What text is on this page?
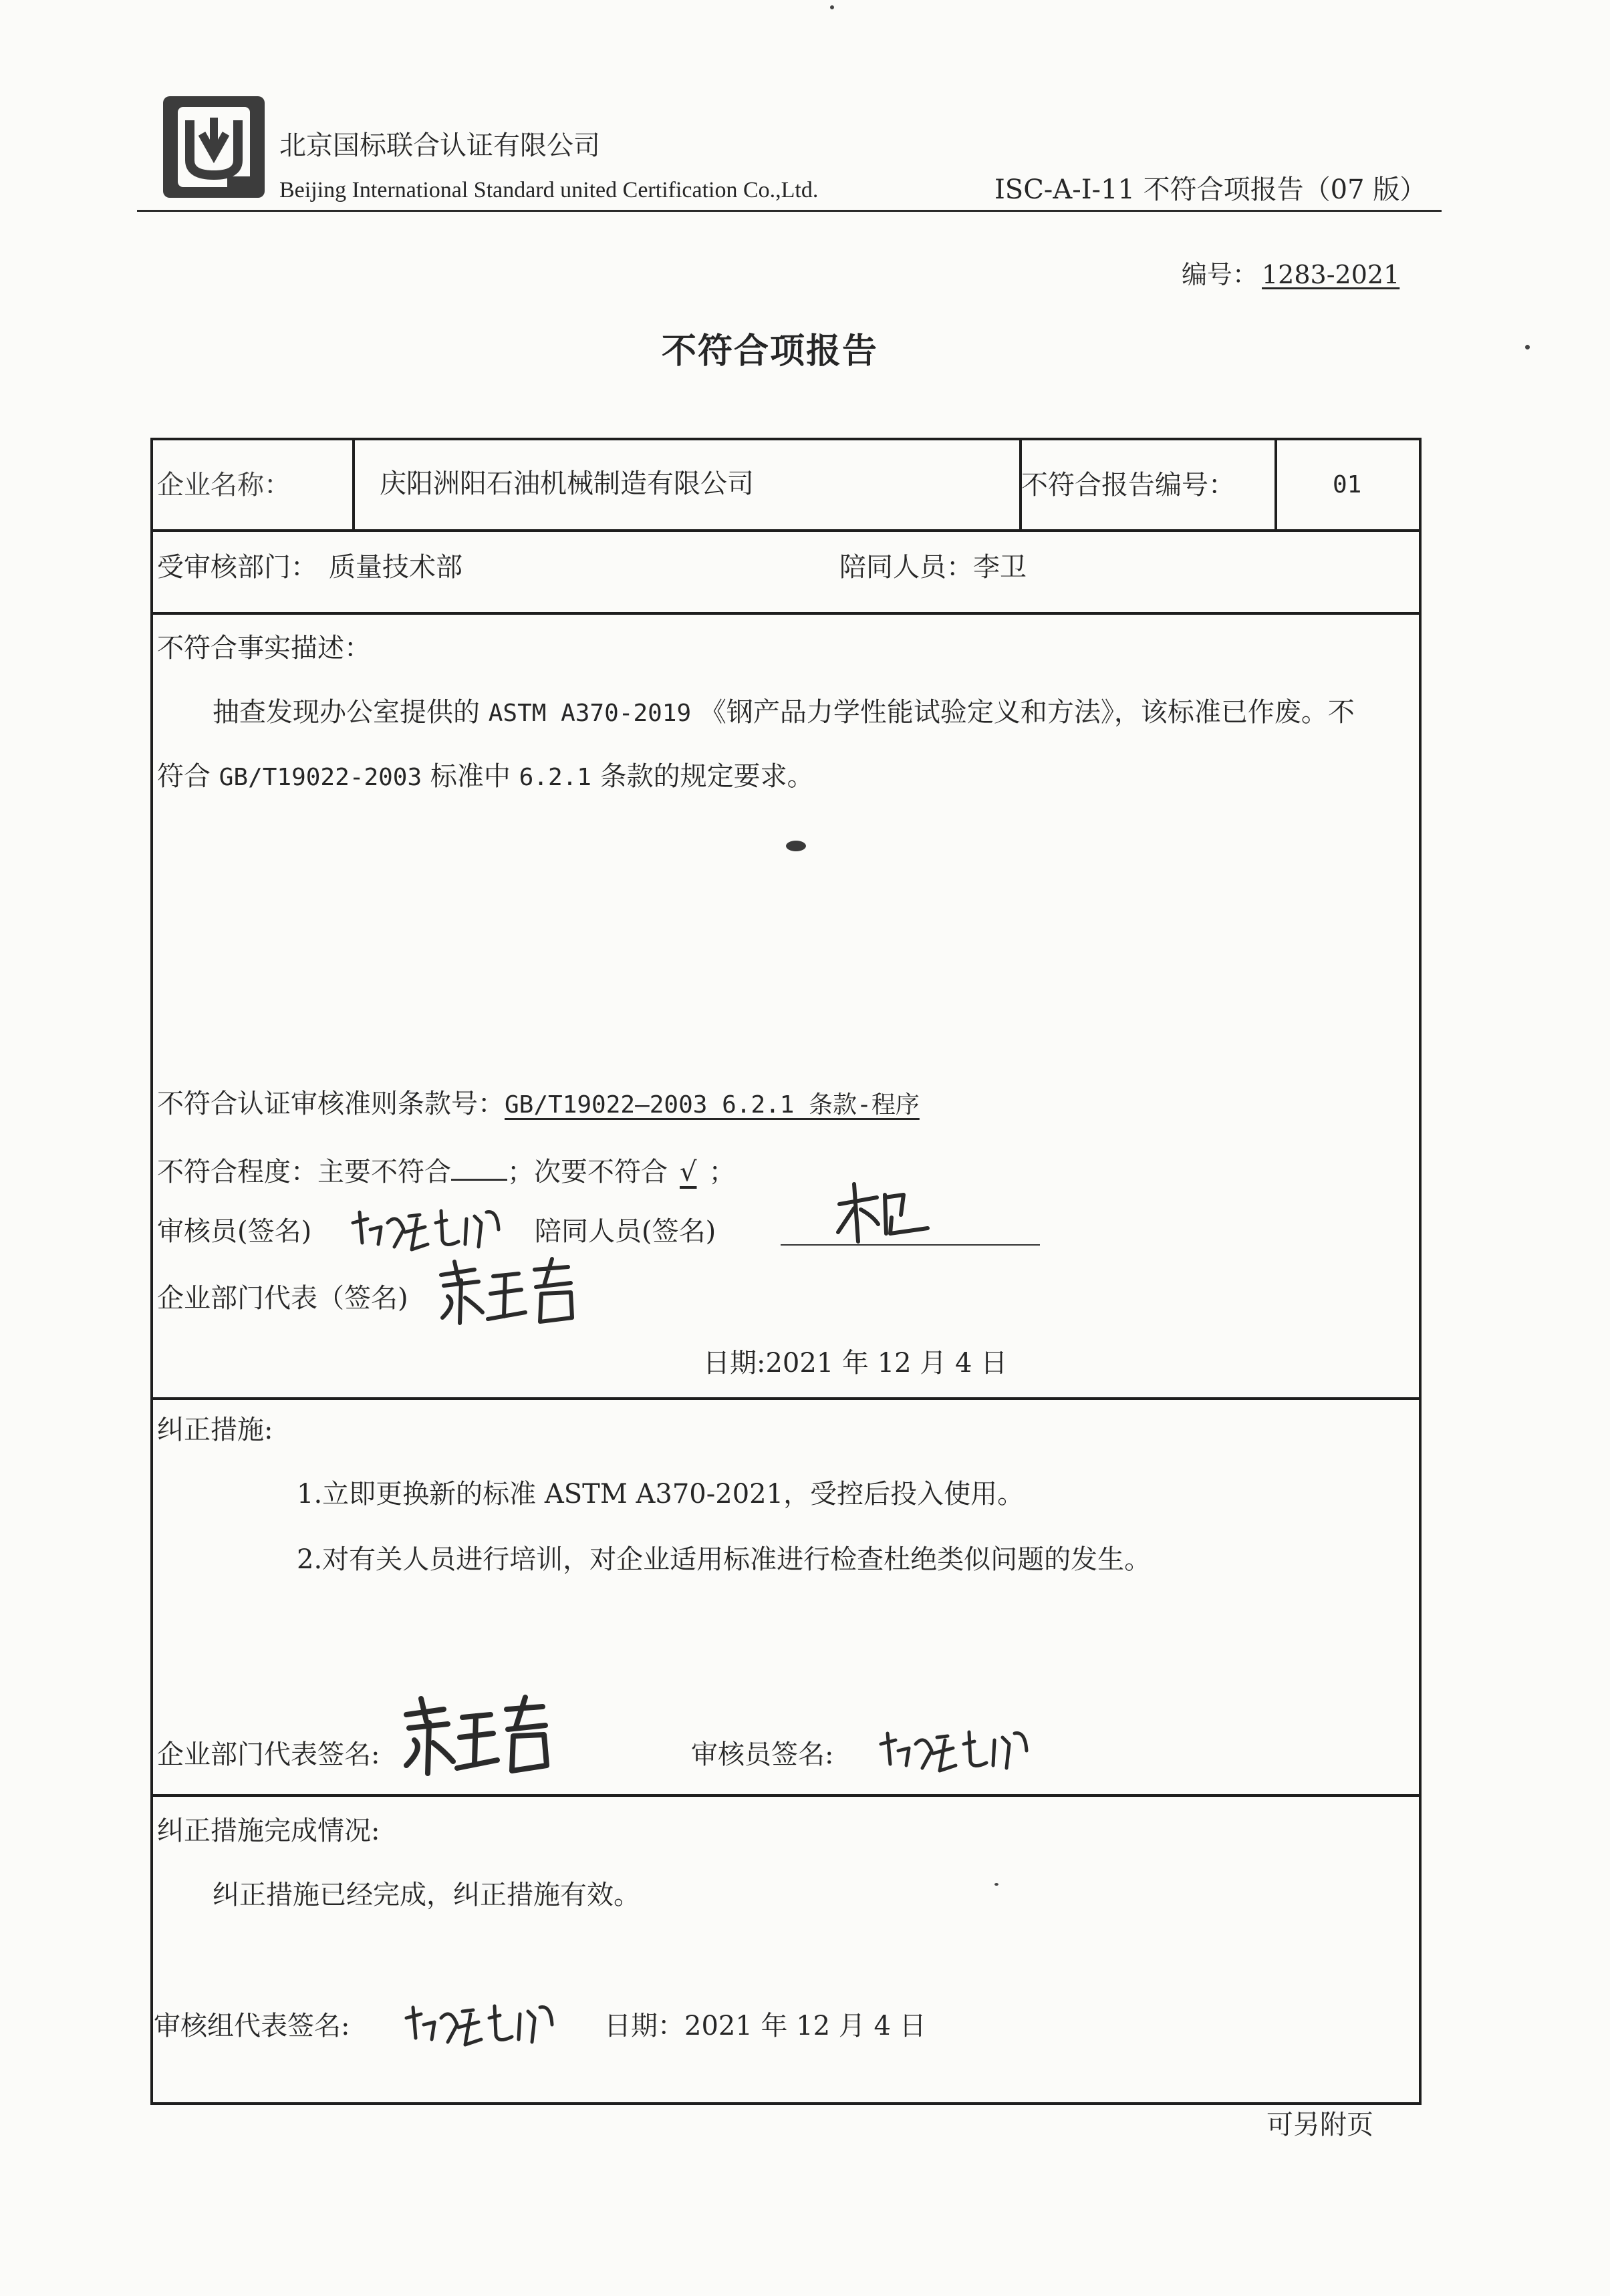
北京国标联合认证有限公司
Beijing International Standard united Certification Co.,Ltd.	ISC-A-I-11 不符合项报告（07 版）
编号： 1283-2021
不符合项报告
企业名称：	庆阳洲阳石油机械制造有限公司	不符合报告编号：	01
受审核部门： 质量技术部	陪同人员： 李卫
不符合事实描述：
抽查发现办公室提供的 ASTM A370-2019 《钢产品力学性能试验定义和方法》，该标准已作废。不
符合 GB/T19022-2003 标准中 6.2.1 条款的规定要求。
不符合认证审核准则条款号：GB/T19022—2003 6.2.1 条款-程序
不符合程度：主要不符合 ；次要不符合 √ ；
审核员(签名)	陪同人员(签名)
企业部门代表（签名)
日期:2021 年 12 月 4 日
纠正措施:
1.立即更换新的标准 ASTM A370-2021，受控后投入使用。
2.对有关人员进行培训，对企业适用标准进行检查杜绝类似问题的发生。
企业部门代表签名:	审核员签名:
纠正措施完成情况:
纠正措施已经完成，纠正措施有效。
审核组代表签名:	日期：2021 年 12 月 4 日
可另附页
